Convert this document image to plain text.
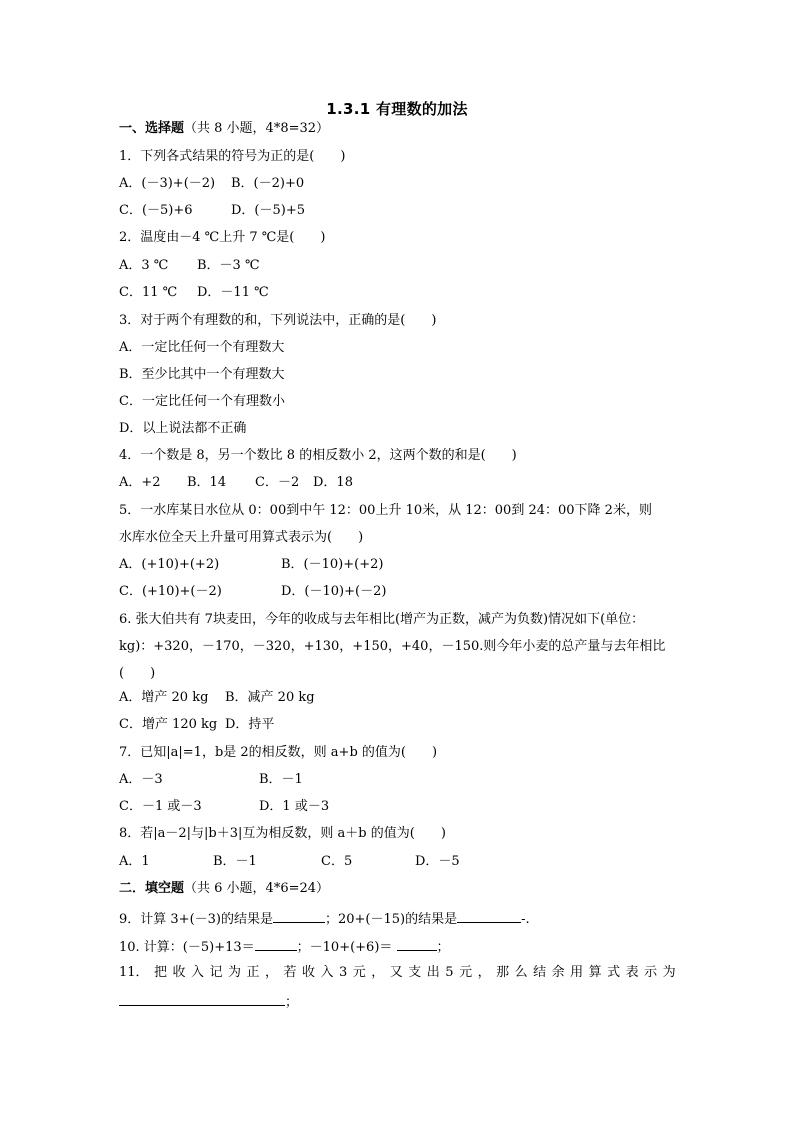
1.3.1 有理数的加法
一、选择题（共 8 小题，4*8=32）
1．下列各式结果的符号为正的是(　　)
A．(－3)+(－2) B．(－2)+0
C．(－5)+6	D．(－5)+5
2．温度由－4 ℃上升 7 ℃是(　　)
A．3 ℃ B．－3 ℃
C．11 ℃ D．－11 ℃
3．对于两个有理数的和，下列说法中，正确的是(　　)
A．一定比任何一个有理数大
B．至少比其中一个有理数大
C．一定比任何一个有理数小
D．以上说法都不正确
4．一个数是 8，另一个数比 8 的相反数小 2，这两个数的和是(　　)
A．+2 B．14 C．－2 D．18
5．一水库某日水位从 0：00到中午 12：00上升 10米，从 12：00到 24：00下降 2米，则
水库水位全天上升量可用算式表示为(　　)
A．(+10)+(+2)	B．(－10)+(+2)
C．(+10)+(－2)	D．(－10)+(－2)
6. 张大伯共有 7块麦田，今年的收成与去年相比(增产为正数，减产为负数)情况如下(单位：
kg)：+320，－170，－320，+130，+150，+40，－150.则今年小麦的总产量与去年相比
(　　)
A．增产 20 kg B．减产 20 kg
C．增产 120 kg D．持平
7．已知|a|=1，b是 2的相反数，则 a+b 的值为(　　)
A．－3	B．－1
C．－1 或－3	D．1 或－3
8．若|a－2|与|b＋3|互为相反数，则 a＋b 的值为(　　)
A．1	B．－1	C．5	D．－5
二．填空题（共 6 小题，4*6=24）
9．计算 3+(－3)的结果是	；20+(－15)的结果是	-.
10. 计算：(－5)+13＝	；－10+(+6)＝	；
11． 把 收 入 记 为 正 ， 若 收 入 3 元 ， 又 支 出 5 元 ， 那 么 结 余 用 算 式 表 示 为
；
